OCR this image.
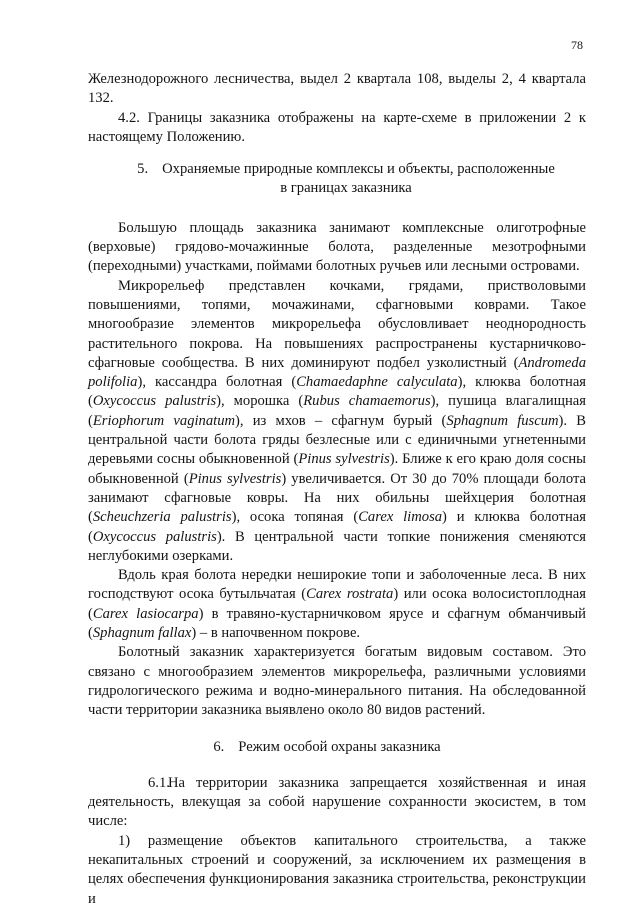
78

Железнодорожного лесничества, выдел 2 квартала 108, выделы 2, 4 квартала 132.

4.2. Границы заказника отображены на карте-схеме в приложении 2 к настоящему Положению.

5. Охраняемые природные комплексы и объекты, расположенные
в границах заказника

Большую площадь заказника занимают комплексные олиготрофные (верховые) грядово-мочажинные болота, разделенные мезотрофными (переходными) участками, поймами болотных ручьев или лесными островами.

Микрорельеф представлен кочками, грядами, приствoловыми повышениями, топями, мочажинами, сфагновыми коврами. Такое многообразие элементов микрорельефа обусловливает неоднородность растительного покрова. На повышениях распространены кустарничково-сфагновые сообщества. В них доминируют подбел узколистный (Andromeda polifolia), кассандра болотная (Chamaedaphne calyculata), клюква болотная (Oxycoccus palustris), морошка (Rubus chamaemorus), пушица влагалищная (Eriophorum vaginatum), из мхов – сфагнум бурый (Sphagnum fuscum). В центральной части болота гряды безлесные или с единичными угнетенными деревьями сосны обыкновенной (Pinus sylvestris). Ближе к его краю доля сосны обыкновенной (Pinus sylvestris) увеличивается. От 30 до 70% площади болота занимают сфагновые ковры. На них обильны шейхцерия болотная (Scheuchzeria palustris), осока топяная (Carex limosa) и клюква болотная (Oxycoccus palustris). В центральной части топкие понижения сменяются неглубокими озерками.

Вдоль края болота нередки неширокие топи и заболоченные леса. В них господствуют осока бутыльчатая (Carex rostrata) или осока волосистоплодная (Carex lasiocarpa) в травяно-кустарничковом ярусе и сфагнум обманчивый (Sphagnum fallax) – в напочвенном покрове.

Болотный заказник характеризуется богатым видовым составом. Это связано с многообразием элементов микрорельефа, различными условиями гидрологического режима и водно-минерального питания. На обследованной части территории заказника выявлено около 80 видов растений.

6. Режим особой охраны заказника

6.1.На территории заказника запрещается хозяйственная и иная деятельность, влекущая за собой нарушение сохранности экосистем, в том числе:

1) размещение объектов капитального строительства, а также некапитальных строений и сооружений, за исключением их размещения в целях обеспечения функционирования заказника строительства, реконструкции и
